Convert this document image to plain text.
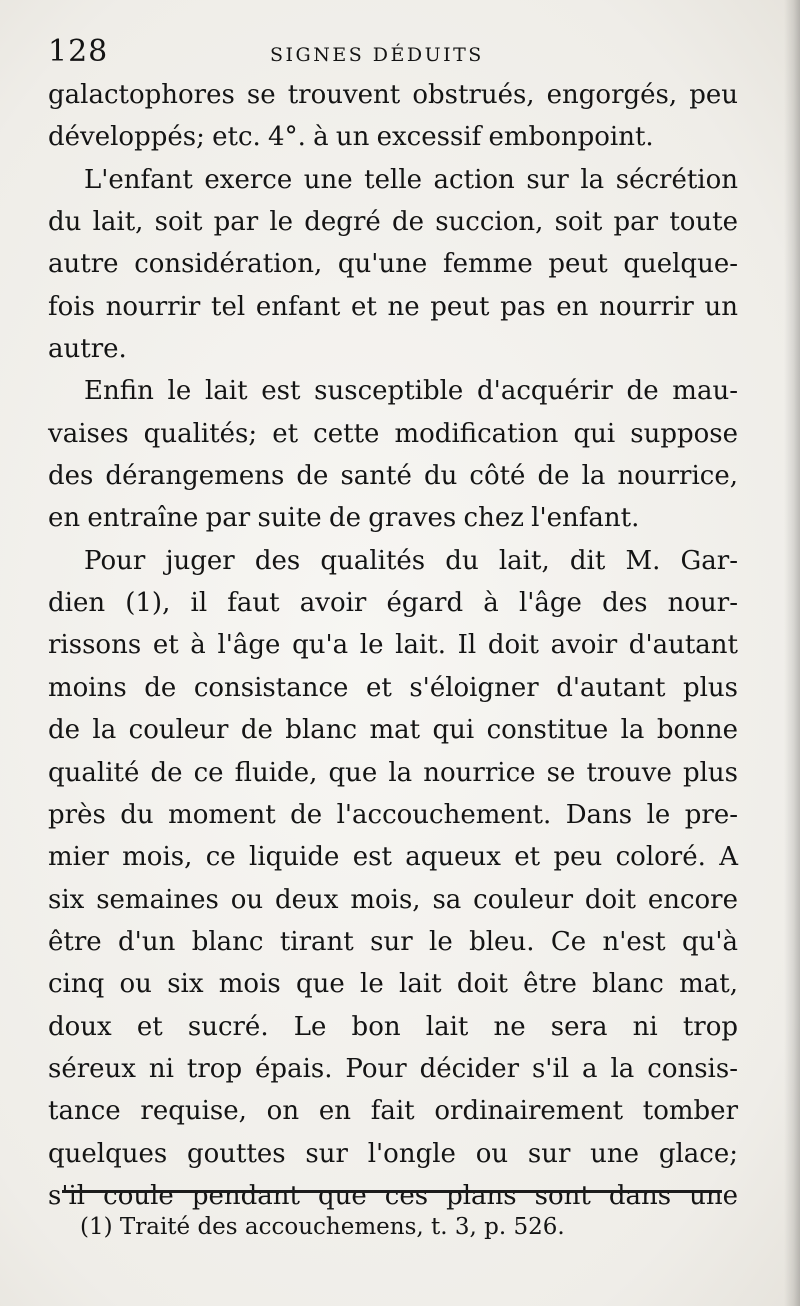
128	SIGNES DÉDUITS
galactophores se trouvent obstrués, engorgés, peu
développés; etc. 4°. à un excessif embonpoint.
L'enfant exerce une telle action sur la sécrétion
du lait, soit par le degré de succion, soit par toute
autre considération, qu'une femme peut quelque-
fois nourrir tel enfant et ne peut pas en nourrir un
autre.
Enfin le lait est susceptible d'acquérir de mau-
vaises qualités; et cette modification qui suppose
des dérangemens de santé du côté de la nourrice,
en entraîne par suite de graves chez l'enfant.
Pour juger des qualités du lait, dit M. Gar-
dien (1), il faut avoir égard à l'âge des nour-
rissons et à l'âge qu'a le lait. Il doit avoir d'autant
moins de consistance et s'éloigner d'autant plus
de la couleur de blanc mat qui constitue la bonne
qualité de ce fluide, que la nourrice se trouve plus
près du moment de l'accouchement. Dans le pre-
mier mois, ce liquide est aqueux et peu coloré. A
six semaines ou deux mois, sa couleur doit encore
être d'un blanc tirant sur le bleu. Ce n'est qu'à
cinq ou six mois que le lait doit être blanc mat,
doux et sucré. Le bon lait ne sera ni trop
séreux ni trop épais. Pour décider s'il a la consis-
tance requise, on en fait ordinairement tomber
quelques gouttes sur l'ongle ou sur une glace;
s'il coule pendant que ces plans sont dans une
(1) Traité des accouchemens, t. 3, p. 526.
